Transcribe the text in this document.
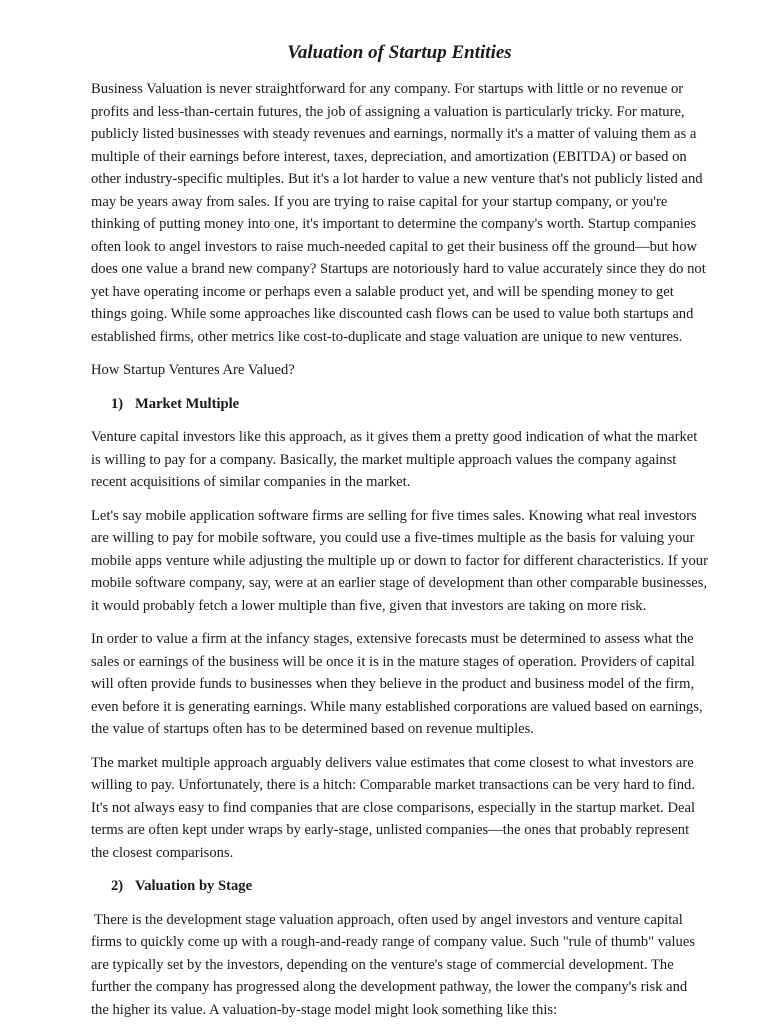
Valuation of Startup Entities

Business Valuation is never straightforward for any company. For startups with little or no revenue or profits and less-than-certain futures, the job of assigning a valuation is particularly tricky. For mature, publicly listed businesses with steady revenues and earnings, normally it's a matter of valuing them as a multiple of their earnings before interest, taxes, depreciation, and amortization (EBITDA) or based on other industry-specific multiples. But it's a lot harder to value a new venture that's not publicly listed and may be years away from sales. If you are trying to raise capital for your startup company, or you're thinking of putting money into one, it's important to determine the company's worth. Startup companies often look to angel investors to raise much-needed capital to get their business off the ground—but how does one value a brand new company? Startups are notoriously hard to value accurately since they do not yet have operating income or perhaps even a salable product yet, and will be spending money to get things going. While some approaches like discounted cash flows can be used to value both startups and established firms, other metrics like cost-to-duplicate and stage valuation are unique to new ventures.

How Startup Ventures Are Valued?

1) Market Multiple

Venture capital investors like this approach, as it gives them a pretty good indication of what the market is willing to pay for a company. Basically, the market multiple approach values the company against recent acquisitions of similar companies in the market.

Let's say mobile application software firms are selling for five times sales. Knowing what real investors are willing to pay for mobile software, you could use a five-times multiple as the basis for valuing your mobile apps venture while adjusting the multiple up or down to factor for different characteristics. If your mobile software company, say, were at an earlier stage of development than other comparable businesses, it would probably fetch a lower multiple than five, given that investors are taking on more risk.

In order to value a firm at the infancy stages, extensive forecasts must be determined to assess what the sales or earnings of the business will be once it is in the mature stages of operation. Providers of capital will often provide funds to businesses when they believe in the product and business model of the firm, even before it is generating earnings. While many established corporations are valued based on earnings, the value of startups often has to be determined based on revenue multiples.

The market multiple approach arguably delivers value estimates that come closest to what investors are willing to pay. Unfortunately, there is a hitch: Comparable market transactions can be very hard to find. It's not always easy to find companies that are close comparisons, especially in the startup market. Deal terms are often kept under wraps by early-stage, unlisted companies—the ones that probably represent the closest comparisons.

2) Valuation by Stage

There is the development stage valuation approach, often used by angel investors and venture capital firms to quickly come up with a rough-and-ready range of company value. Such "rule of thumb" values are typically set by the investors, depending on the venture's stage of commercial development. The further the company has progressed along the development pathway, the lower the company's risk and the higher its value. A valuation-by-stage model might look something like this:
